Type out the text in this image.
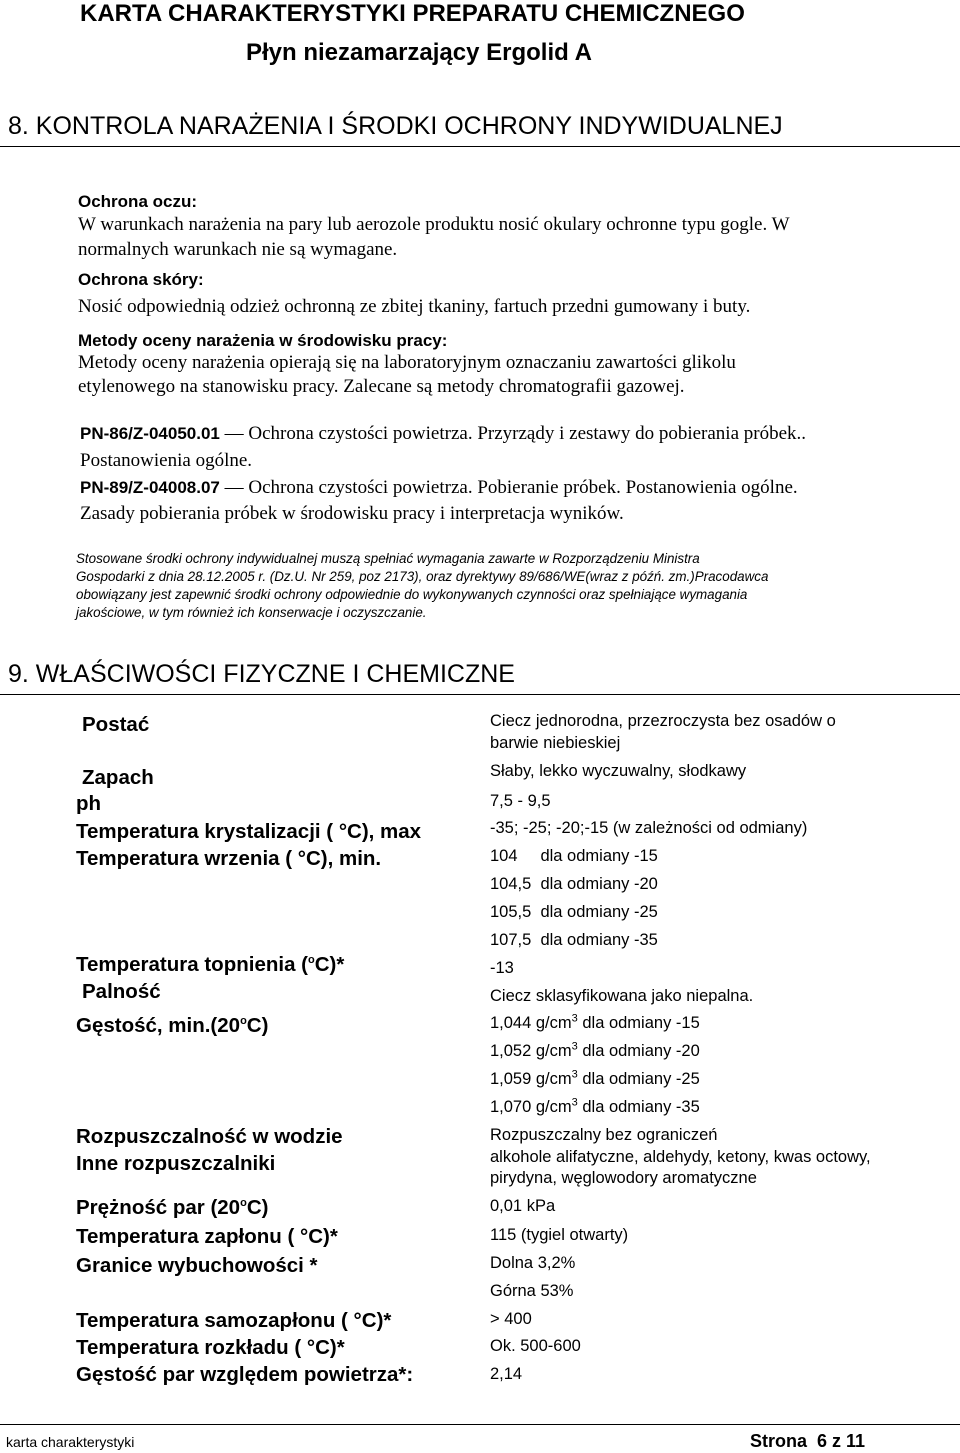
KARTA CHARAKTERYSTYKI PREPARATU CHEMICZNEGO
Płyn niezamarzający Ergolid A
8. KONTROLA NARAŻENIA I ŚRODKI OCHRONY INDYWIDUALNEJ
Ochrona oczu:
W warunkach narażenia na pary lub aerozole produktu nosić okulary ochronne typu gogle. W
normalnych warunkach nie są wymagane.
Ochrona skóry:
Nosić odpowiednią odzież ochronną ze zbitej tkaniny, fartuch przedni gumowany i buty.
Metody oceny narażenia w środowisku pracy:
Metody oceny narażenia opierają się na laboratoryjnym oznaczaniu zawartości glikolu
etylenowego na stanowisku pracy. Zalecane są metody chromatografii gazowej.
PN-86/Z-04050.01 — Ochrona czystości powietrza. Przyrządy i zestawy do pobierania próbek..
Postanowienia ogólne.
PN-89/Z-04008.07 — Ochrona czystości powietrza. Pobieranie próbek. Postanowienia ogólne.
Zasady pobierania próbek w środowisku pracy i interpretacja wyników.
Stosowane środki ochrony indywidualnej muszą spełniać wymagania zawarte w Rozporządzeniu Ministra
Gospodarki z dnia 28.12.2005 r. (Dz.U. Nr 259, poz 2173), oraz dyrektywy 89/686/WE(wraz z późń. zm.)Pracodawca
obowiązany jest zapewnić środki ochrony odpowiednie do wykonywanych czynności oraz spełniające wymagania
jakościowe, w tym również ich konserwacje i oczyszczanie.
9. WŁAŚCIWOŚCI FIZYCZNE I CHEMICZNE
Postać	Ciecz jednorodna, przezroczysta bez osadów o
barwie niebieskiej
Zapach	Słaby, lekko wyczuwalny, słodkawy
ph	7,5 - 9,5
Temperatura krystalizacji ( °C), max	-35; -25; -20;-15 (w zależności od odmiany)
Temperatura wrzenia ( °C), min.	104     dla odmiany -15
104,5  dla odmiany -20
105,5  dla odmiany -25
107,5  dla odmiany -35
Temperatura topnienia ($^o$C)*	-13
Palność	Ciecz sklasyfikowana jako niepalna.
Gęstość, min.(20$^o$C)	1,044 $g/cm^3$ dla odmiany -15
1,052 $g/cm^3$ dla odmiany -20
1,059 $g/cm^3$ dla odmiany -25
1,070 $g/cm^3$ dla odmiany -35
Rozpuszczalność w wodzie	Rozpuszczalny bez ograniczeń
Inne rozpuszczalniki	alkohole alifatyczne, aldehydy, ketony, kwas octowy,
pirydyna, węglowodory aromatyczne
Prężność par (20$^o$C)	0,01 kPa
Temperatura zapłonu ( °C)*	115 (tygiel otwarty)
Granice wybuchowości *	Dolna 3,2%
Górna 53%
Temperatura samozapłonu ( °C)*	> 400
Temperatura rozkładu ( °C)*	Ok. 500-600
Gęstość par względem powietrza*:	2,14
karta charakterystyki	Strona  6 z 11
